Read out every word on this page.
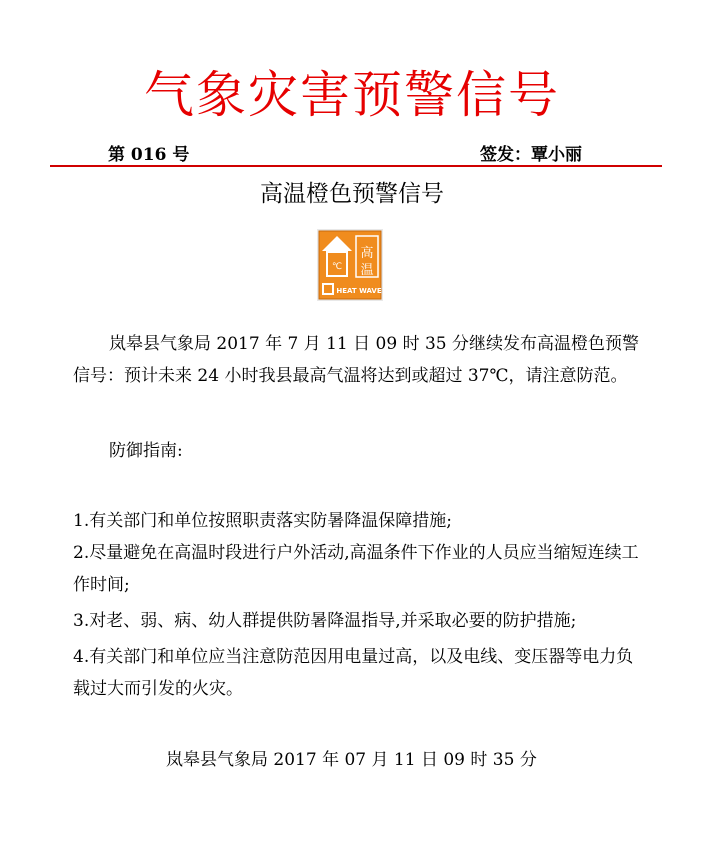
气象灾害预警信号
第 016 号	签发：覃小丽
高温橙色预警信号
℃
高
温
HEAT WAVE
岚皋县气象局 2017 年 7 月 11 日 09 时 35 分继续发布高温橙色预警信号：预计未来 24 小时我县最高气温将达到或超过 37℃，请注意防范。
防御指南:
1.有关部门和单位按照职责落实防暑降温保障措施;
2.尽量避免在高温时段进行户外活动,高温条件下作业的人员应当缩短连续工作时间;
3.对老、弱、病、幼人群提供防暑降温指导,并采取必要的防护措施;
4.有关部门和单位应当注意防范因用电量过高，以及电线、变压器等电力负载过大而引发的火灾。
岚皋县气象局 2017 年 07 月 11 日 09 时 35 分
